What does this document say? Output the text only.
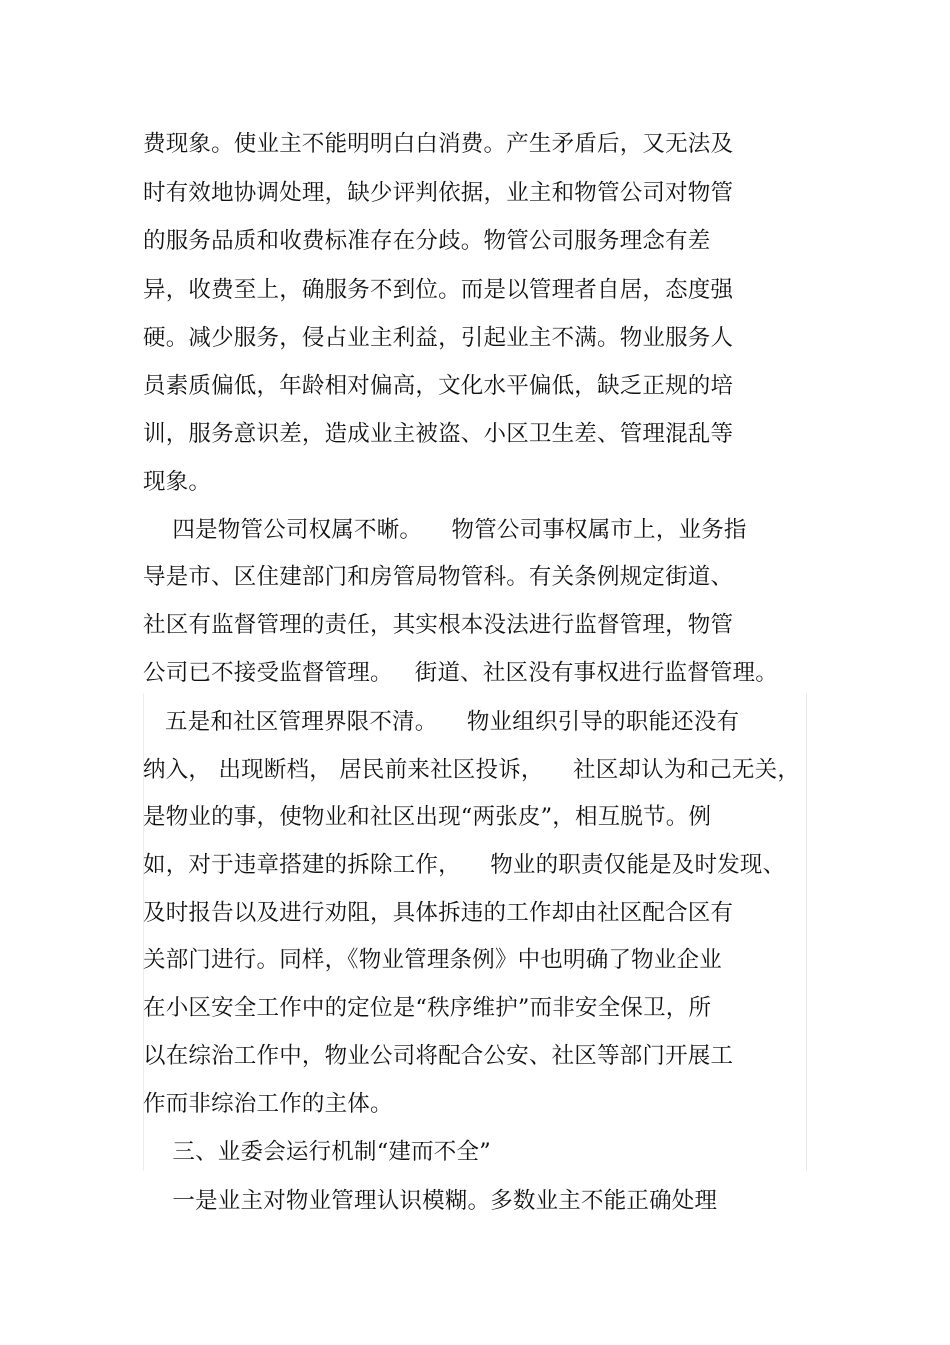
费现象。使业主不能明明白白消费。产生矛盾后，又无法及
时有效地协调处理，缺少评判依据，业主和物管公司对物管
的服务品质和收费标准存在分歧。物管公司服务理念有差
异，收费至上，确服务不到位。而是以管理者自居，态度强
硬。减少服务，侵占业主利益，引起业主不满。物业服务人
员素质偏低，年龄相对偏高，文化水平偏低，缺乏正规的培
训，服务意识差，造成业主被盗、小区卫生差、管理混乱等
现象。
四是物管公司权属不晰。    物管公司事权属市上，业务指
导是市、区住建部门和房管局物管科。有关条例规定街道、
社区有监督管理的责任，其实根本没法进行监督管理，物管
公司已不接受监督管理。   街道、社区没有事权进行监督管理。
五是和社区管理界限不清。    物业组织引导的职能还没有
纳入， 出现断档， 居民前来社区投诉，    社区却认为和己无关，
是物业的事，使物业和社区出现“两张皮”，相互脱节。例
如，对于违章搭建的拆除工作，    物业的职责仅能是及时发现、
及时报告以及进行劝阻，具体拆违的工作却由社区配合区有
关部门进行。同样，《物业管理条例》中也明确了物业企业
在小区安全工作中的定位是“秩序维护”而非安全保卫，所
以在综治工作中，物业公司将配合公安、社区等部门开展工
作而非综治工作的主体。
三、业委会运行机制“建而不全”
一是业主对物业管理认识模糊。多数业主不能正确处理
